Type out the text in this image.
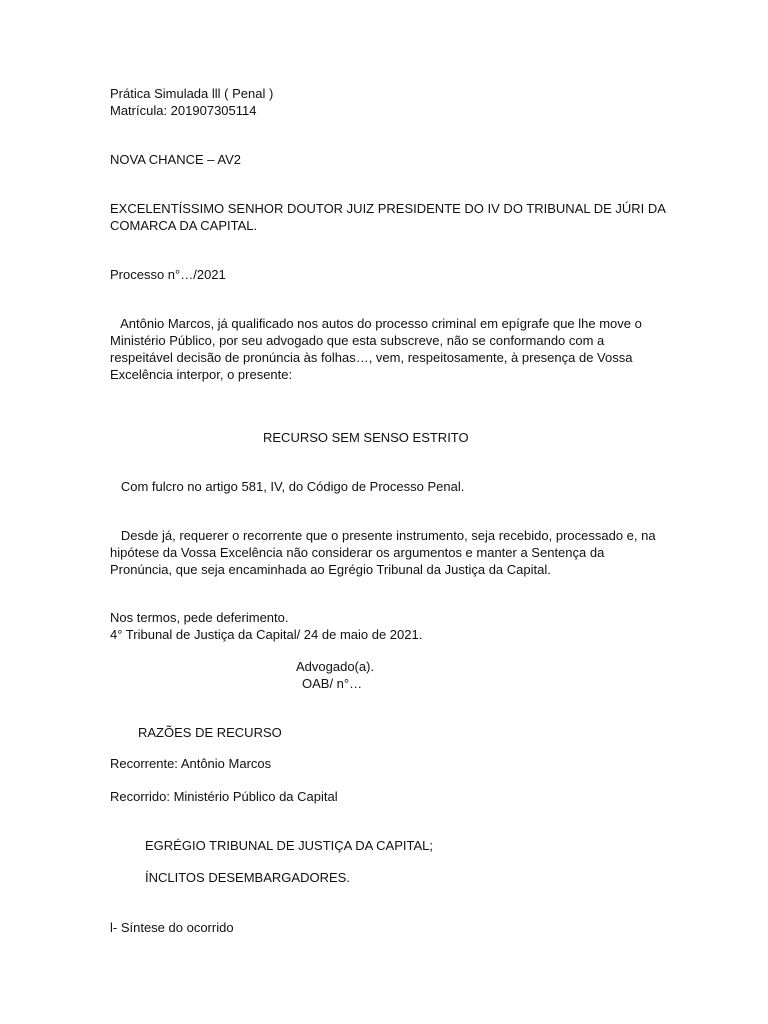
Prática Simulada lll ( Penal )

Matrícula: 201907305114

NOVA CHANCE – AV2

EXCELENTÍSSIMO SENHOR DOUTOR JUIZ PRESIDENTE DO IV DO TRIBUNAL DE JÚRI DA

COMARCA DA CAPITAL.

Processo n°…/2021

Antônio Marcos, já qualificado nos autos do processo criminal em epígrafe que lhe move o

Ministério Público, por seu advogado que esta subscreve, não se conformando com a

respeitável decisão de pronúncia às folhas…, vem, respeitosamente, à presença de Vossa

Excelência interpor, o presente:

RECURSO SEM SENSO ESTRITO

Com fulcro no artigo 581, IV, do Código de Processo Penal.

Desde já, requerer o recorrente que o presente instrumento, seja recebido, processado e, na

hipótese da Vossa Excelência não considerar os argumentos e manter a Sentença da

Pronúncia, que seja encaminhada ao Egrégio Tribunal da Justiça da Capital.

Nos termos, pede deferimento.

4° Tribunal de Justiça da Capital/ 24 de maio de 2021.

Advogado(a).

OAB/ n°…

RAZÕES DE RECURSO

Recorrente: Antônio Marcos

Recorrido: Ministério Público da Capital

EGRÉGIO TRIBUNAL DE JUSTIÇA DA CAPITAL;

ÍNCLITOS DESEMBARGADORES.

l- Síntese do ocorrido
